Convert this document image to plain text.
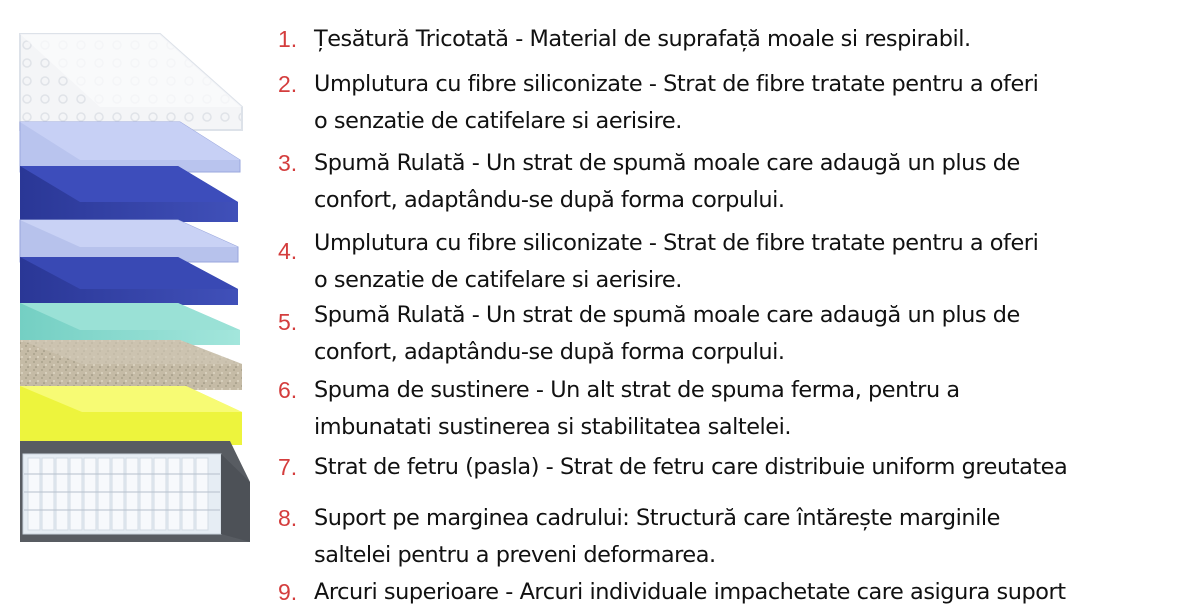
1. Țesătură Tricotată - Material de suprafață moale si respirabil.
2. Umplutura cu fibre siliconizate - Strat de fibre tratate pentru a oferi
o senzatie de catifelare si aerisire.
3. Spumă Rulată - Un strat de spumă moale care adaugă un plus de
confort, adaptându-se după forma corpului.
4. Umplutura cu fibre siliconizate - Strat de fibre tratate pentru a oferi
o senzatie de catifelare si aerisire.
5. Spumă Rulată - Un strat de spumă moale care adaugă un plus de
confort, adaptându-se după forma corpului.
6. Spuma de sustinere - Un alt strat de spuma ferma, pentru a
imbunatati sustinerea si stabilitatea saltelei.
7. Strat de fetru (pasla) - Strat de fetru care distribuie uniform greutatea
8. Suport pe marginea cadrului: Structură care întărește marginile
saltelei pentru a preveni deformarea.
9. Arcuri superioare - Arcuri individuale impachetate care asigura suport
